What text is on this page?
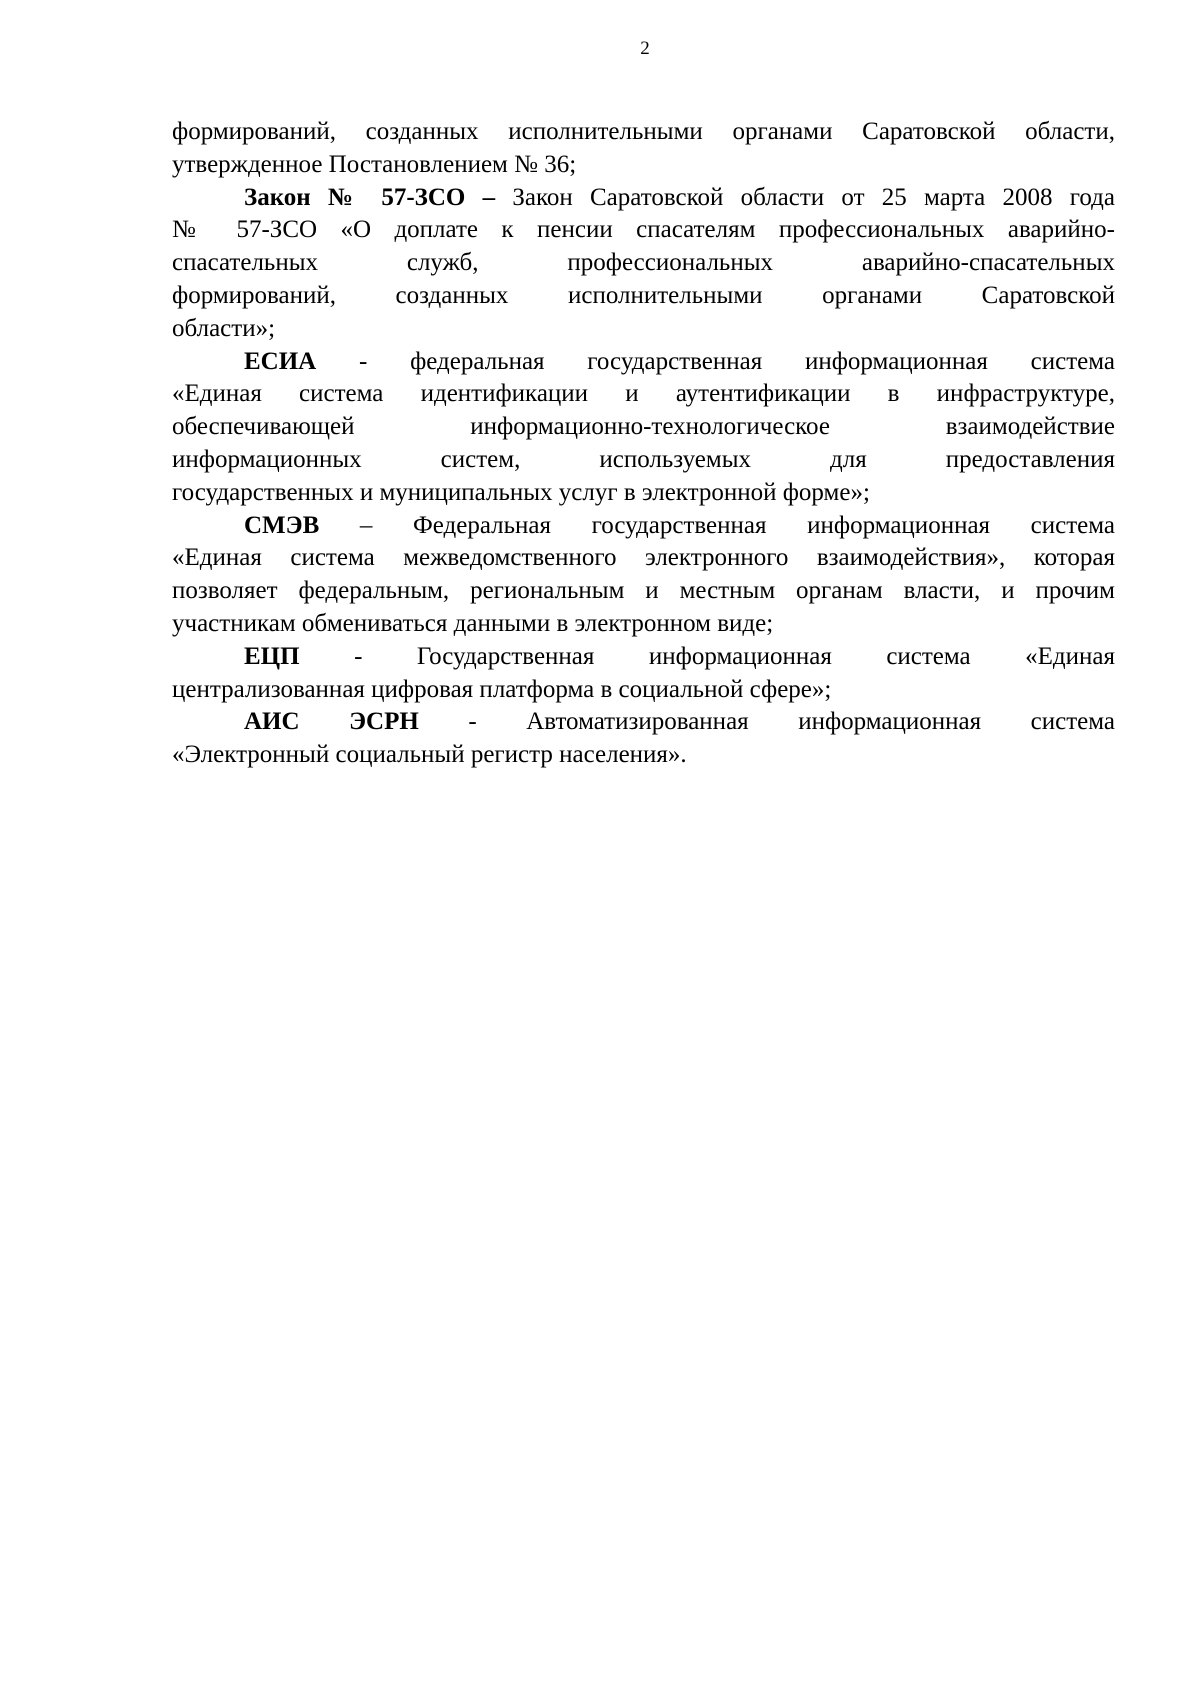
2
формирований, созданных исполнительными органами Саратовской области,
утвержденное Постановлением № 36;
Закон № 57-ЗСО – Закон Саратовской области от 25 марта 2008 года
№ 57-ЗСО «О доплате к пенсии спасателям профессиональных аварийно-
спасательных служб, профессиональных аварийно-спасательных
формирований, созданных исполнительными органами Саратовской
области»;
ЕСИА - федеральная государственная информационная система
«Единая система идентификации и аутентификации в инфраструктуре,
обеспечивающей информационно-технологическое взаимодействие
информационных систем, используемых для предоставления
государственных и муниципальных услуг в электронной форме»;
СМЭВ – Федеральная государственная информационная система
«Единая система межведомственного электронного взаимодействия», которая
позволяет федеральным, региональным и местным органам власти, и прочим
участникам обмениваться данными в электронном виде;
ЕЦП - Государственная информационная система «Единая
централизованная цифровая платформа в социальной сфере»;
АИС ЭСРН - Автоматизированная информационная система
«Электронный социальный регистр населения».
